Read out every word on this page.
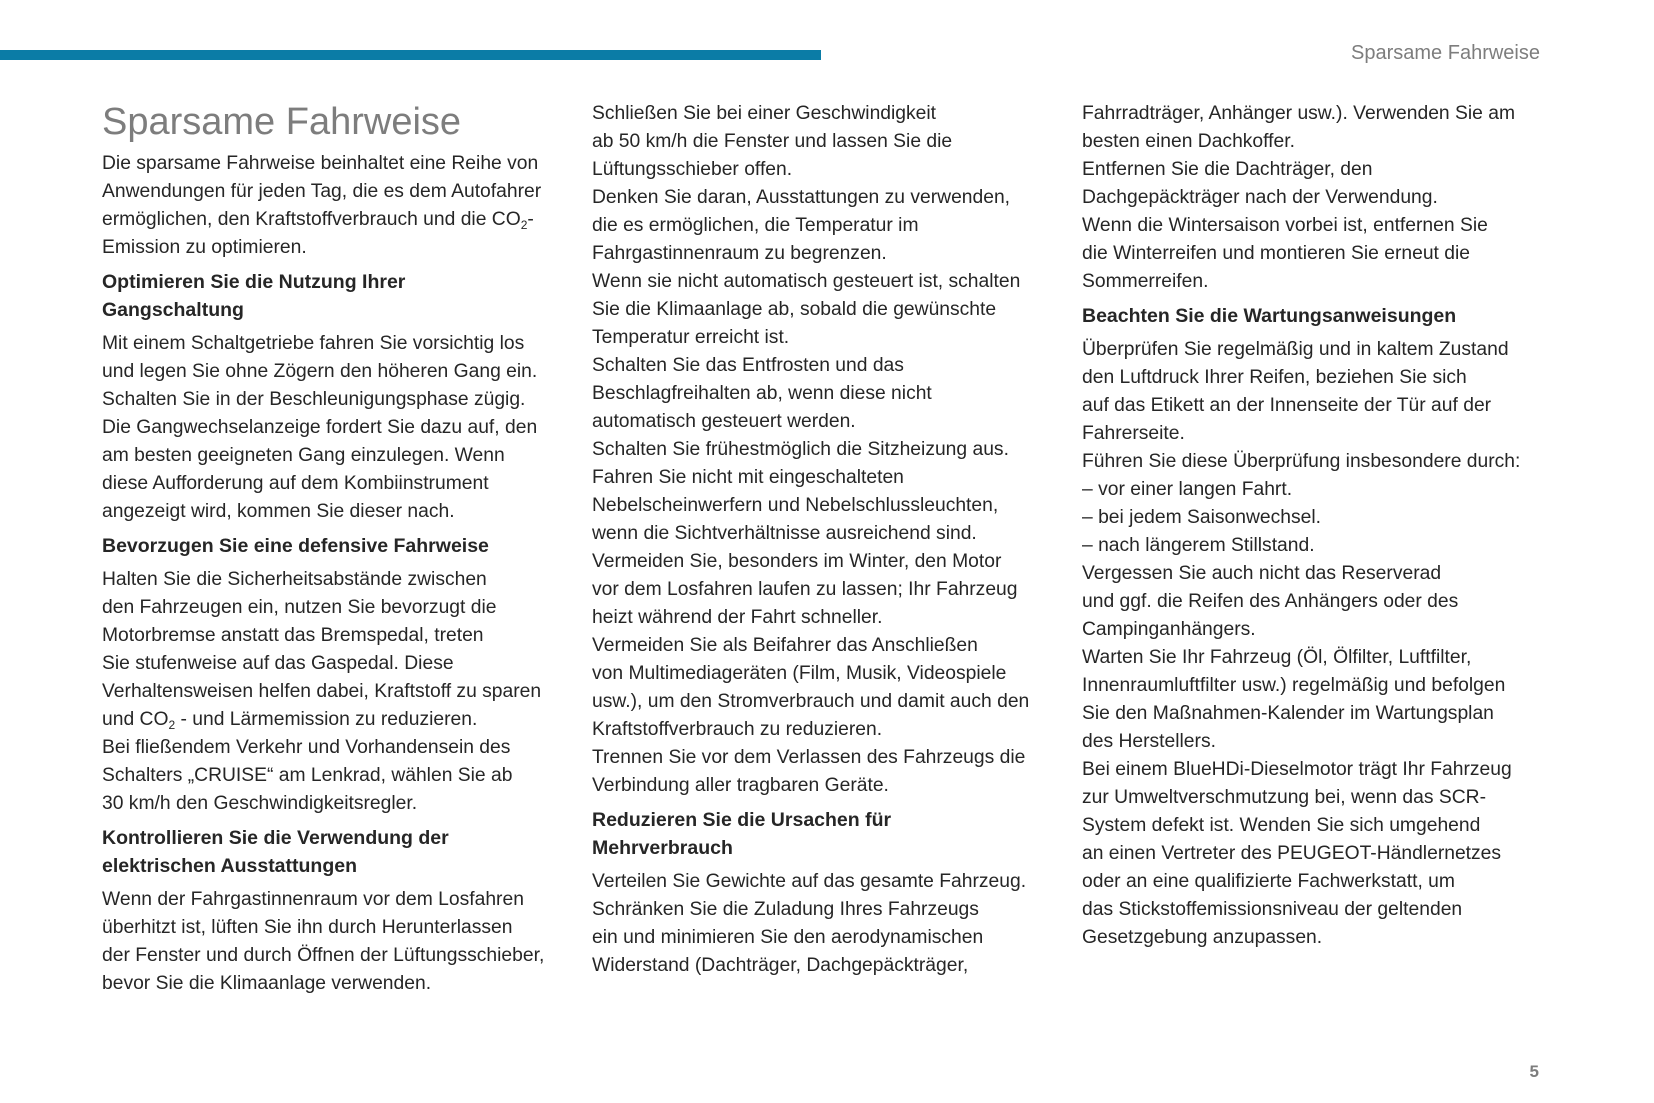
Sparsame Fahrweise
Sparsame Fahrweise
Die sparsame Fahrweise beinhaltet eine Reihe von
Anwendungen für jeden Tag, die es dem Autofahrer
ermöglichen, den Kraftstoffverbrauch und die $CO_2-$
Emission zu optimieren.
Optimieren Sie die Nutzung Ihrer
Gangschaltung
Mit einem Schaltgetriebe fahren Sie vorsichtig los
und legen Sie ohne Zögern den höheren Gang ein.
Schalten Sie in der Beschleunigungsphase zügig.
Die Gangwechselanzeige fordert Sie dazu auf, den
am besten geeigneten Gang einzulegen. Wenn
diese Aufforderung auf dem Kombiinstrument
angezeigt wird, kommen Sie dieser nach.
Bevorzugen Sie eine defensive Fahrweise
Halten Sie die Sicherheitsabstände zwischen
den Fahrzeugen ein, nutzen Sie bevorzugt die
Motorbremse anstatt das Bremspedal, treten
Sie stufenweise auf das Gaspedal. Diese
Verhaltensweisen helfen dabei, Kraftstoff zu sparen
und $CO_2$ - und Lärmemission zu reduzieren.
Bei fließendem Verkehr und Vorhandensein des
Schalters „CRUISE“ am Lenkrad, wählen Sie ab
30 km/h den Geschwindigkeitsregler.
Kontrollieren Sie die Verwendung der
elektrischen Ausstattungen
Wenn der Fahrgastinnenraum vor dem Losfahren
überhitzt ist, lüften Sie ihn durch Herunterlassen
der Fenster und durch Öffnen der Lüftungsschieber,
bevor Sie die Klimaanlage verwenden.
Schließen Sie bei einer Geschwindigkeit
ab 50 km/h die Fenster und lassen Sie die
Lüftungsschieber offen.
Denken Sie daran, Ausstattungen zu verwenden,
die es ermöglichen, die Temperatur im
Fahrgastinnenraum zu begrenzen.
Wenn sie nicht automatisch gesteuert ist, schalten
Sie die Klimaanlage ab, sobald die gewünschte
Temperatur erreicht ist.
Schalten Sie das Entfrosten und das
Beschlagfreihalten ab, wenn diese nicht
automatisch gesteuert werden.
Schalten Sie frühestmöglich die Sitzheizung aus.
Fahren Sie nicht mit eingeschalteten
Nebelscheinwerfern und Nebelschlussleuchten,
wenn die Sichtverhältnisse ausreichend sind.
Vermeiden Sie, besonders im Winter, den Motor
vor dem Losfahren laufen zu lassen; Ihr Fahrzeug
heizt während der Fahrt schneller.
Vermeiden Sie als Beifahrer das Anschließen
von Multimediageräten (Film, Musik, Videospiele
usw.), um den Stromverbrauch und damit auch den
Kraftstoffverbrauch zu reduzieren.
Trennen Sie vor dem Verlassen des Fahrzeugs die
Verbindung aller tragbaren Geräte.
Reduzieren Sie die Ursachen für
Mehrverbrauch
Verteilen Sie Gewichte auf das gesamte Fahrzeug.
Schränken Sie die Zuladung Ihres Fahrzeugs
ein und minimieren Sie den aerodynamischen
Widerstand (Dachträger, Dachgepäckträger,
Fahrradträger, Anhänger usw.). Verwenden Sie am
besten einen Dachkoffer.
Entfernen Sie die Dachträger, den
Dachgepäckträger nach der Verwendung.
Wenn die Wintersaison vorbei ist, entfernen Sie
die Winterreifen und montieren Sie erneut die
Sommerreifen.
Beachten Sie die Wartungsanweisungen
Überprüfen Sie regelmäßig und in kaltem Zustand
den Luftdruck Ihrer Reifen, beziehen Sie sich
auf das Etikett an der Innenseite der Tür auf der
Fahrerseite.
Führen Sie diese Überprüfung insbesondere durch:
– vor einer langen Fahrt.
– bei jedem Saisonwechsel.
– nach längerem Stillstand.
Vergessen Sie auch nicht das Reserverad
und ggf. die Reifen des Anhängers oder des
Campinganhängers.
Warten Sie Ihr Fahrzeug (Öl, Ölfilter, Luftfilter,
Innenraumluftfilter usw.) regelmäßig und befolgen
Sie den Maßnahmen-Kalender im Wartungsplan
des Herstellers.
Bei einem BlueHDi-Dieselmotor trägt Ihr Fahrzeug
zur Umweltverschmutzung bei, wenn das SCR-
System defekt ist. Wenden Sie sich umgehend
an einen Vertreter des PEUGEOT-Händlernetzes
oder an eine qualifizierte Fachwerkstatt, um
das Stickstoffemissionsniveau der geltenden
Gesetzgebung anzupassen.
5
